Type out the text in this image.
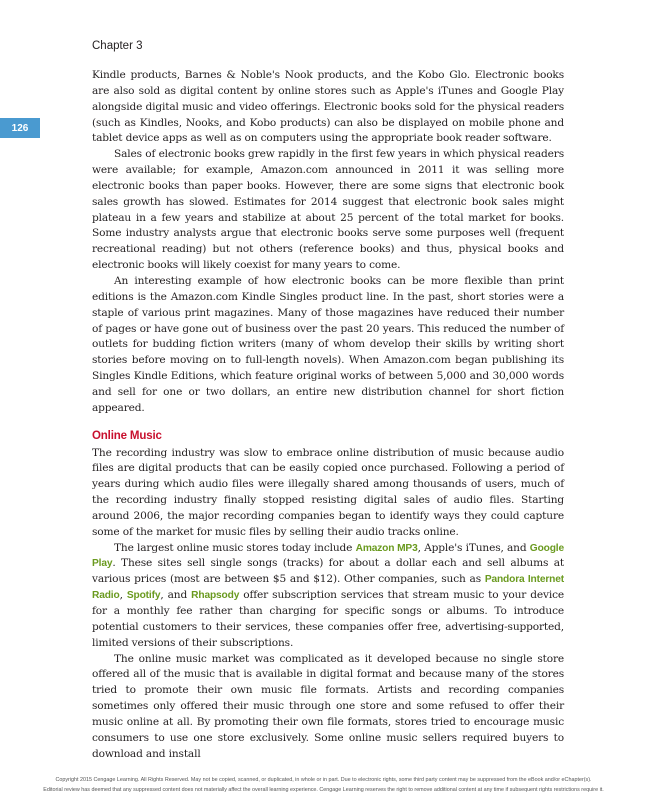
Chapter 3
126

Kindle products, Barnes & Noble's Nook products, and the Kobo Glo. Electronic books are also sold as digital content by online stores such as Apple's iTunes and Google Play alongside digital music and video offerings. Electronic books sold for the physical readers (such as Kindles, Nooks, and Kobo products) can also be displayed on mobile phone and tablet device apps as well as on computers using the appropriate book reader software.

Sales of electronic books grew rapidly in the first few years in which physical readers were available; for example, Amazon.com announced in 2011 it was selling more electronic books than paper books. However, there are some signs that electronic book sales growth has slowed. Estimates for 2014 suggest that electronic book sales might plateau in a few years and stabilize at about 25 percent of the total market for books. Some industry analysts argue that electronic books serve some purposes well (frequent recreational reading) but not others (reference books) and thus, physical books and electronic books will likely coexist for many years to come.

An interesting example of how electronic books can be more flexible than print editions is the Amazon.com Kindle Singles product line. In the past, short stories were a staple of various print magazines. Many of those magazines have reduced their number of pages or have gone out of business over the past 20 years. This reduced the number of outlets for budding fiction writers (many of whom develop their skills by writing short stories before moving on to full-length novels). When Amazon.com began publishing its Singles Kindle Editions, which feature original works of between 5,000 and 30,000 words and sell for one or two dollars, an entire new distribution channel for short fiction appeared.

Online Music

The recording industry was slow to embrace online distribution of music because audio files are digital products that can be easily copied once purchased. Following a period of years during which audio files were illegally shared among thousands of users, much of the recording industry finally stopped resisting digital sales of audio files. Starting around 2006, the major recording companies began to identify ways they could capture some of the market for music files by selling their audio tracks online.

The largest online music stores today include Amazon MP3, Apple's iTunes, and Google Play. These sites sell single songs (tracks) for about a dollar each and sell albums at various prices (most are between $5 and $12). Other companies, such as Pandora Internet Radio, Spotify, and Rhapsody offer subscription services that stream music to your device for a monthly fee rather than charging for specific songs or albums. To introduce potential customers to their services, these companies offer free, advertising-supported, limited versions of their subscriptions.

The online music market was complicated as it developed because no single store offered all of the music that is available in digital format and because many of the stores tried to promote their own music file formats. Artists and recording companies sometimes only offered their music through one store and some refused to offer their music online at all. By promoting their own file formats, stores tried to encourage music consumers to use one store exclusively. Some online music sellers required buyers to download and install

Copyright 2015 Cengage Learning. All Rights Reserved. May not be copied, scanned, or duplicated, in whole or in part. Due to electronic rights, some third party content may be suppressed from the eBook and/or eChapter(s).
Editorial review has deemed that any suppressed content does not materially affect the overall learning experience. Cengage Learning reserves the right to remove additional content at any time if subsequent rights restrictions require it.
